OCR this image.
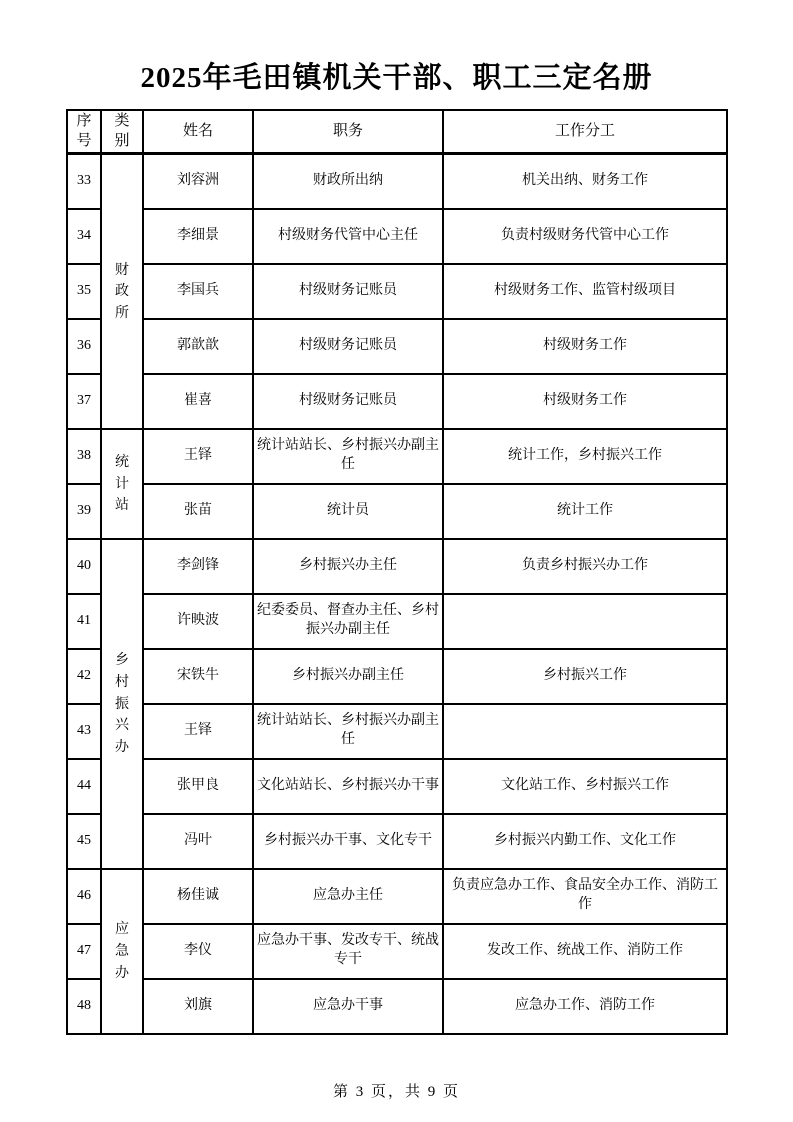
2025年毛田镇机关干部、职工三定名册
序号	类别	姓名	职务	工作分工
33	财政所	刘容洲	财政所出纳	机关出纳、财务工作
34		李细景	村级财务代管中心主任	负责村级财务代管中心工作
35		李国兵	村级财务记账员	村级财务工作、监管村级项目
36		郭歆歆	村级财务记账员	村级财务工作
37		崔喜	村级财务记账员	村级财务工作
38	统计站	王铎	统计站站长、乡村振兴办副主任	统计工作，乡村振兴工作
39		张苗	统计员	统计工作
40	乡村振兴办	李剑锋	乡村振兴办主任	负责乡村振兴办工作
41		许映波	纪委委员、督查办主任、乡村振兴办副主任	
42		宋铁牛	乡村振兴办副主任	乡村振兴工作
43		王铎	统计站站长、乡村振兴办副主任	
44		张甲良	文化站站长、乡村振兴办干事	文化站工作、乡村振兴工作
45		冯叶	乡村振兴办干事、文化专干	乡村振兴内勤工作、文化工作
46	应急办	杨佳诚	应急办主任	负责应急办工作、食品安全办工作、消防工作
47		李仪	应急办干事、发改专干、统战专干	发改工作、统战工作、消防工作
48		刘旗	应急办干事	应急办工作、消防工作
第 3 页，共 9 页
